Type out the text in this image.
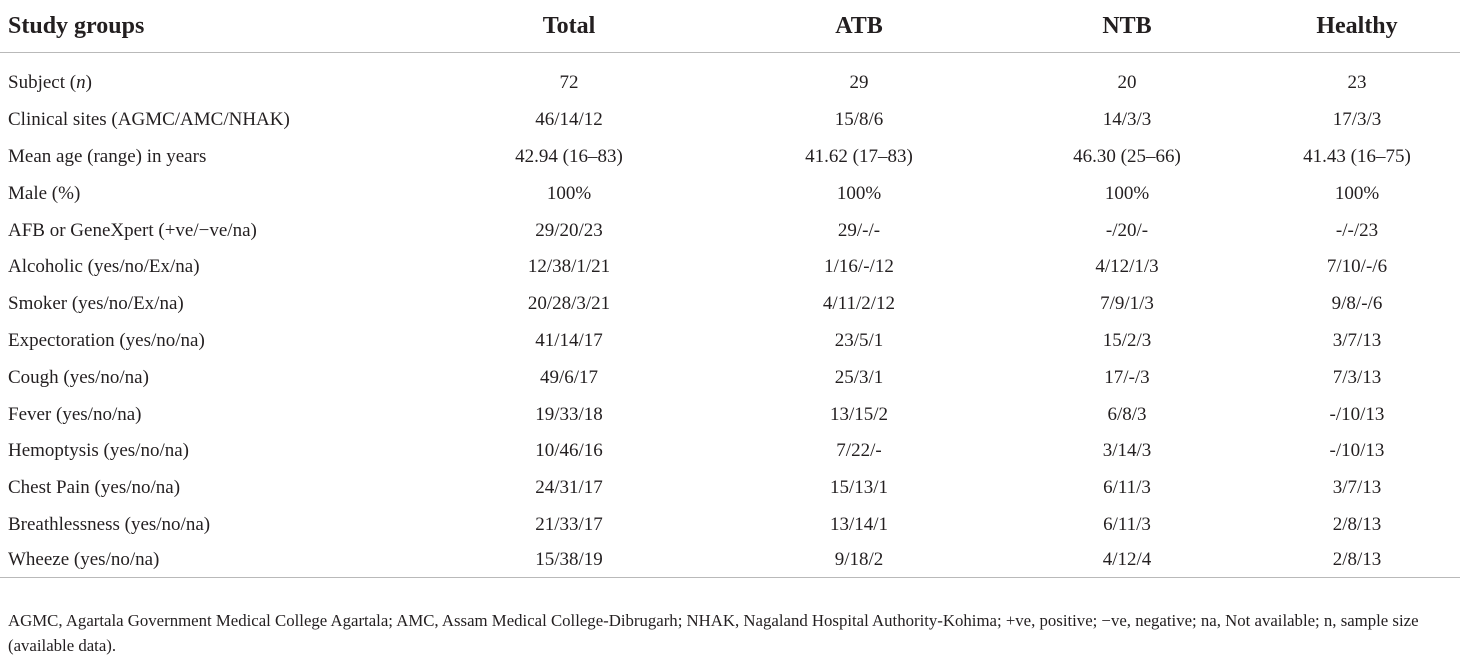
Study groups	Total	ATB	NTB	Healthy
Subject (n)	72	29	20	23
Clinical sites (AGMC/AMC/NHAK)	46/14/12	15/8/6	14/3/3	17/3/3
Mean age (range) in years	42.94 (16–83)	41.62 (17–83)	46.30 (25–66)	41.43 (16–75)
Male (%)	100%	100%	100%	100%
AFB or GeneXpert (+ve/−ve/na)	29/20/23	29/-/-	-/20/-	-/-/23
Alcoholic (yes/no/Ex/na)	12/38/1/21	1/16/-/12	4/12/1/3	7/10/-/6
Smoker (yes/no/Ex/na)	20/28/3/21	4/11/2/12	7/9/1/3	9/8/-/6
Expectoration (yes/no/na)	41/14/17	23/5/1	15/2/3	3/7/13
Cough (yes/no/na)	49/6/17	25/3/1	17/-/3	7/3/13
Fever (yes/no/na)	19/33/18	13/15/2	6/8/3	-/10/13
Hemoptysis (yes/no/na)	10/46/16	7/22/-	3/14/3	-/10/13
Chest Pain (yes/no/na)	24/31/17	15/13/1	6/11/3	3/7/13
Breathlessness (yes/no/na)	21/33/17	13/14/1	6/11/3	2/8/13
Wheeze (yes/no/na)	15/38/19	9/18/2	4/12/4	2/8/13
AGMC, Agartala Government Medical College Agartala; AMC, Assam Medical College-Dibrugarh; NHAK, Nagaland Hospital Authority-Kohima; +ve, positive; −ve, negative; na, Not available; n, sample size (available data).
